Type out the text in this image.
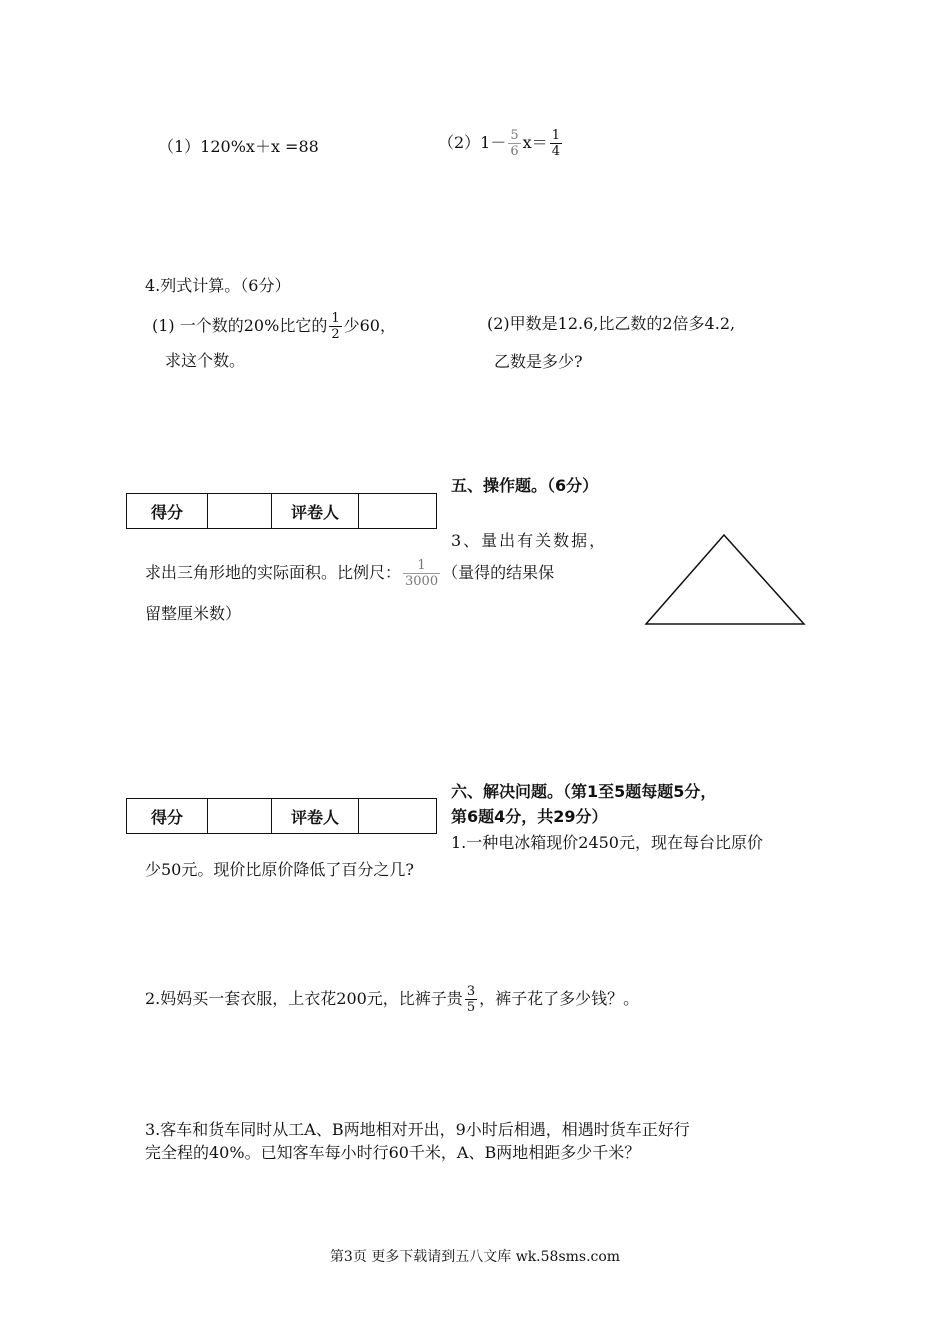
（1）120%x＋x =88	$(2)1- \frac{5}{6} x= \frac{1}{4}$
4.列式计算。（6分）
(1) 一个数的20%比它的 $\frac{1}{2}$ 少60，
求这个数。
(2)甲数是12.6,比乙数的2倍多4.2,
乙数是多少?
五、操作题。（6分）
得分		评卷人	
3、量出有关数据，
求出三角形地的实际面积。比例尺： $\frac{1}{3000}$ （量得的结果保
留整厘米数）
六、解决问题。（第1至5题每题5分，
第6题4分，共29分）
得分		评卷人	
1.一种电冰箱现价2450元，现在每台比原价
少50元。现价比原价降低了百分之几?
2.妈妈买一套衣服，上衣花200元，比裤子贵 $\frac{3}{5}$ ，裤子花了多少钱？。
3.客车和货车同时从工A、B两地相对开出，9小时后相遇，相遇时货车正好行
完全程的40%。已知客车每小时行60千米，A、B两地相距多少千米？
第3页 更多下载请到五八文库 wk.58sms.com
